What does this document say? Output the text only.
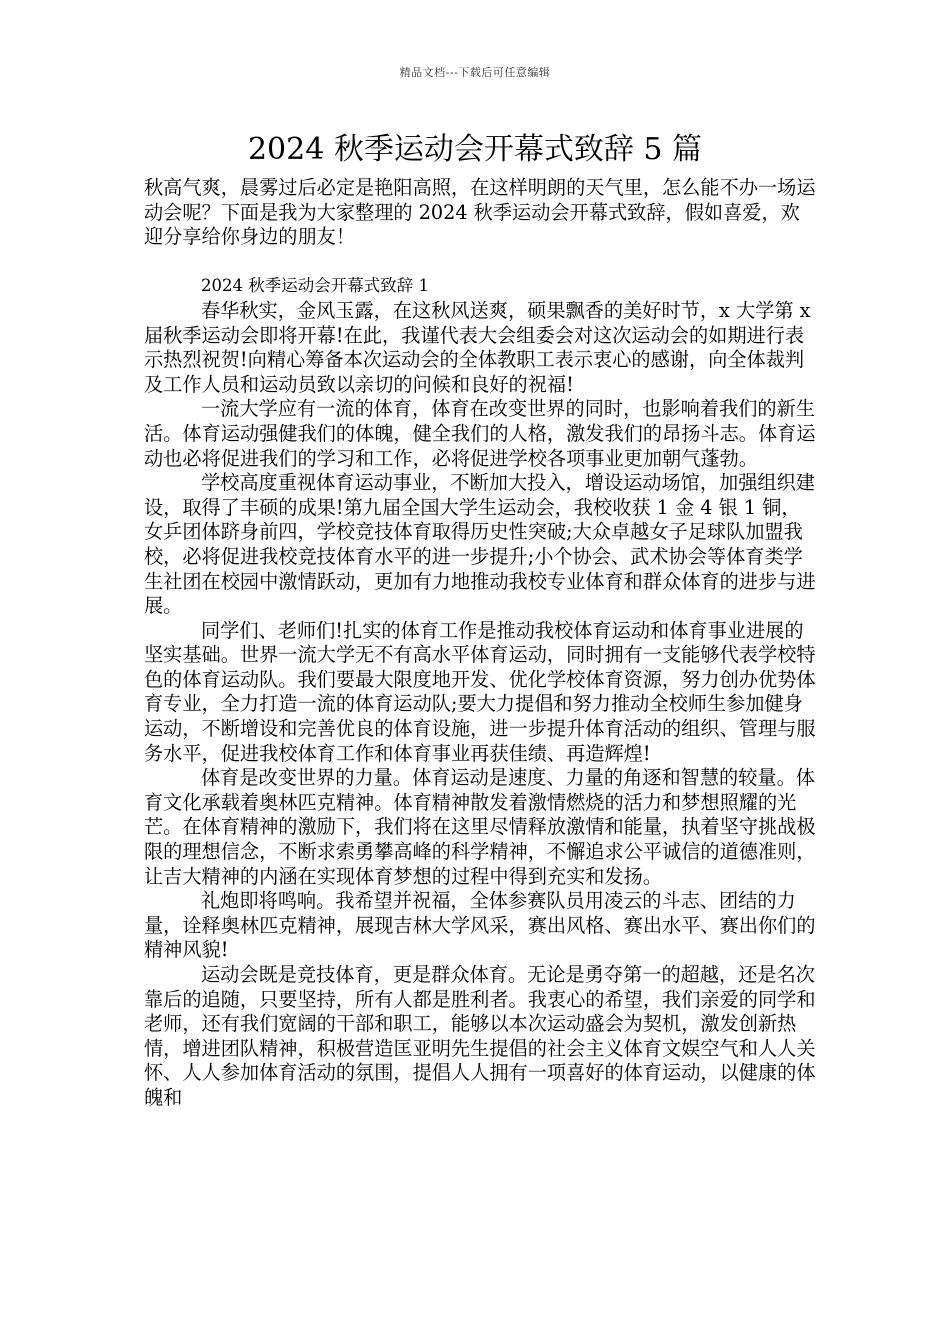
精品文档---下载后可任意编辑
2024 秋季运动会开幕式致辞 5 篇

秋高气爽，晨雾过后必定是艳阳高照，在这样明朗的天气里，怎么能不办一场运动会呢？下面是我为大家整理的 2024 秋季运动会开幕式致辞，假如喜爱，欢迎分享给你身边的朋友！

2024 秋季运动会开幕式致辞 1

春华秋实，金风玉露，在这秋风送爽，硕果飘香的美好时节，x 大学第 x 届秋季运动会即将开幕!在此，我谨代表大会组委会对这次运动会的如期进行表示热烈祝贺!向精心筹备本次运动会的全体教职工表示衷心的感谢，向全体裁判及工作人员和运动员致以亲切的问候和良好的祝福!

一流大学应有一流的体育，体育在改变世界的同时，也影响着我们的新生活。体育运动强健我们的体魄，健全我们的人格，激发我们的昂扬斗志。体育运动也必将促进我们的学习和工作，必将促进学校各项事业更加朝气蓬勃。

学校高度重视体育运动事业，不断加大投入，增设运动场馆，加强组织建设，取得了丰硕的成果!第九届全国大学生运动会，我校收获 1 金 4 银 1 铜，女乒团体跻身前四，学校竞技体育取得历史性突破;大众卓越女子足球队加盟我校，必将促进我校竞技体育水平的进一步提升;小个协会、武术协会等体育类学生社团在校园中激情跃动，更加有力地推动我校专业体育和群众体育的进步与进展。

同学们、老师们!扎实的体育工作是推动我校体育运动和体育事业进展的坚实基础。世界一流大学无不有高水平体育运动，同时拥有一支能够代表学校特色的体育运动队。我们要最大限度地开发、优化学校体育资源，努力创办优势体育专业，全力打造一流的体育运动队;要大力提倡和努力推动全校师生参加健身运动，不断增设和完善优良的体育设施，进一步提升体育活动的组织、管理与服务水平，促进我校体育工作和体育事业再获佳绩、再造辉煌!

体育是改变世界的力量。体育运动是速度、力量的角逐和智慧的较量。体育文化承载着奥林匹克精神。体育精神散发着激情燃烧的活力和梦想照耀的光芒。在体育精神的激励下，我们将在这里尽情释放激情和能量，执着坚守挑战极限的理想信念，不断求索勇攀高峰的科学精神，不懈追求公平诚信的道德准则，让吉大精神的内涵在实现体育梦想的过程中得到充实和发扬。

礼炮即将鸣响。我希望并祝福，全体参赛队员用凌云的斗志、团结的力量，诠释奥林匹克精神，展现吉林大学风采，赛出风格、赛出水平、赛出你们的精神风貌!

运动会既是竞技体育，更是群众体育。无论是勇夺第一的超越，还是名次靠后的追随，只要坚持，所有人都是胜利者。我衷心的希望，我们亲爱的同学和老师，还有我们宽阔的干部和职工，能够以本次运动盛会为契机，激发创新热情，增进团队精神，积极营造匡亚明先生提倡的社会主义体育文娱空气和人人关怀、人人参加体育活动的氛围，提倡人人拥有一项喜好的体育运动，以健康的体魄和
